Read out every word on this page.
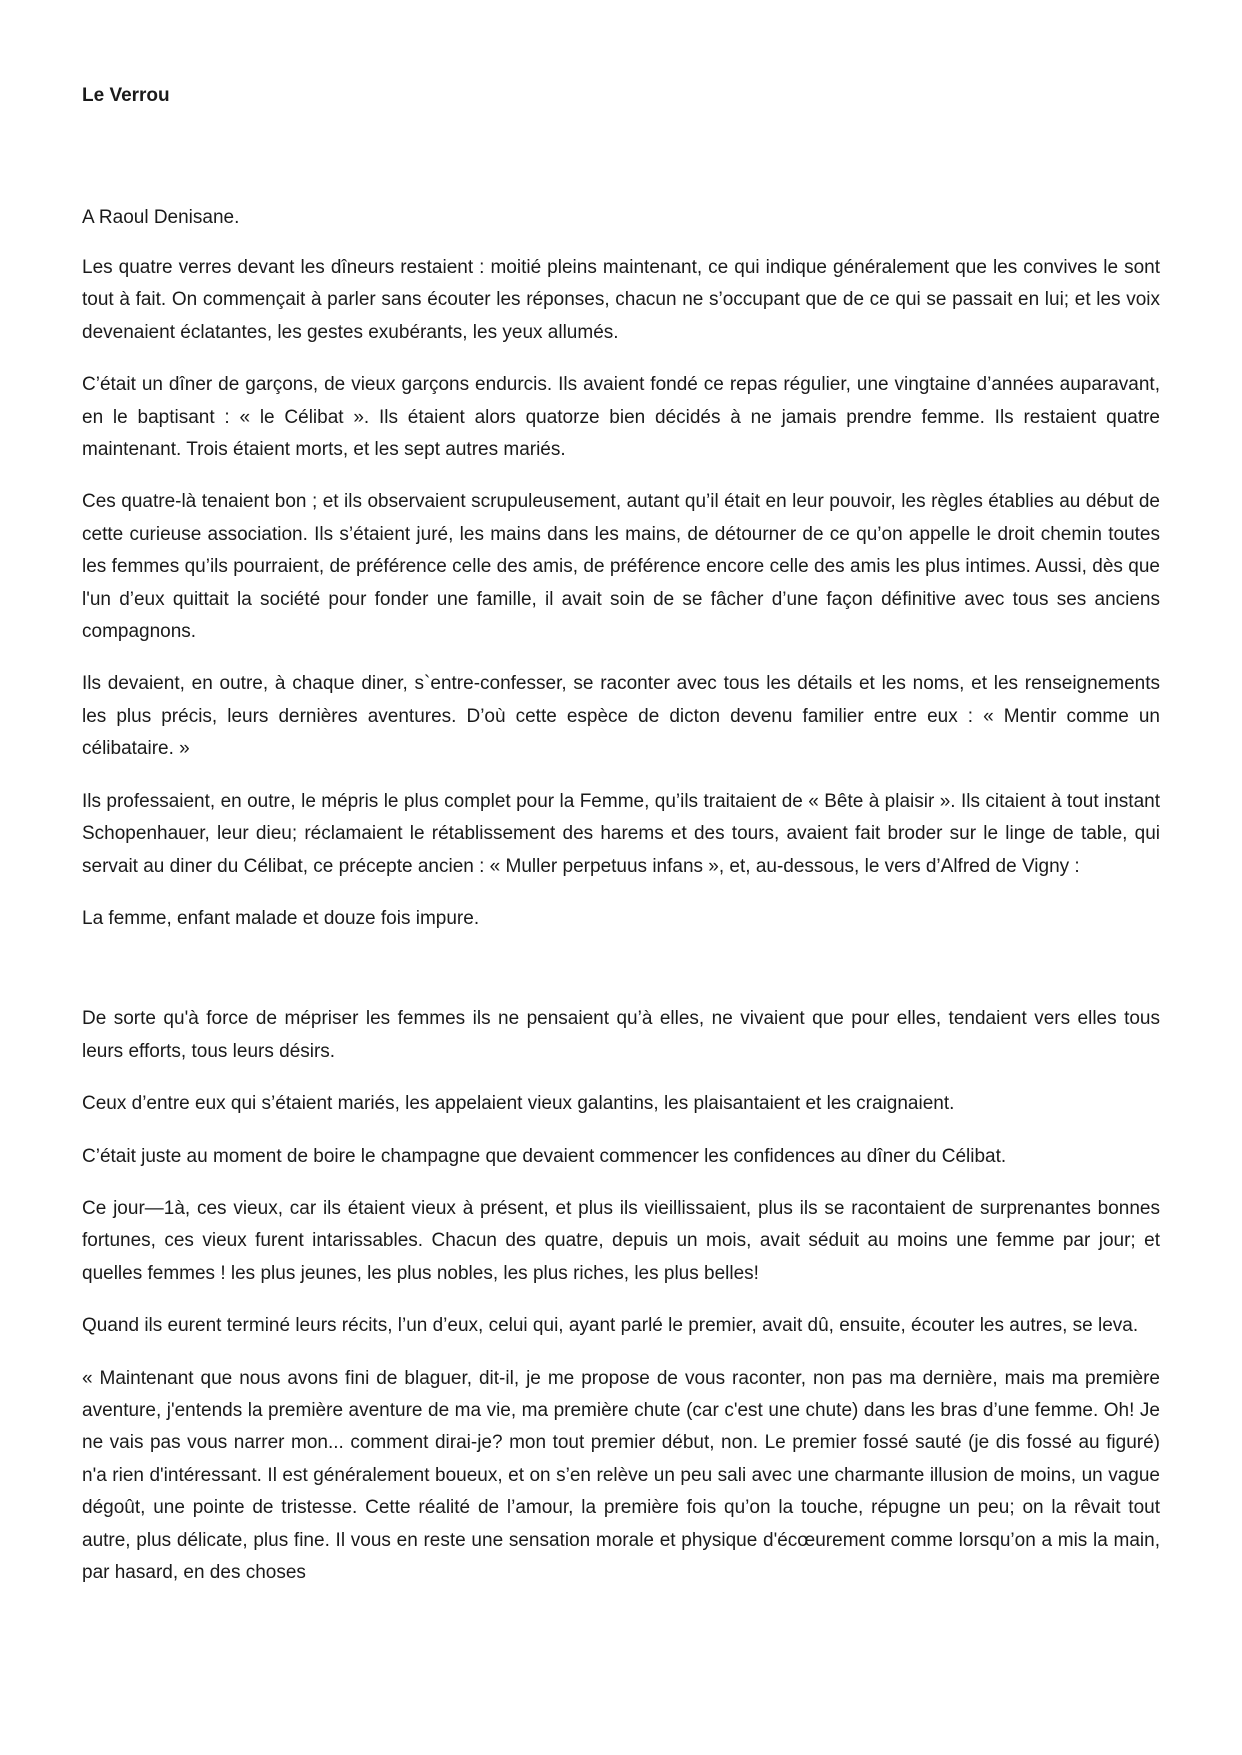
Le Verrou

A Raoul Denisane.

Les quatre verres devant les dîneurs restaient : moitié pleins maintenant, ce qui indique généralement que les convives le sont tout à fait. On commençait à parler sans écouter les réponses, chacun ne s’occupant que de ce qui se passait en lui; et les voix devenaient éclatantes, les gestes exubérants, les yeux allumés.

C’était un dîner de garçons, de vieux garçons endurcis. Ils avaient fondé ce repas régulier, une vingtaine d’années auparavant, en le baptisant : « le Célibat ». Ils étaient alors quatorze bien décidés à ne jamais prendre femme. Ils restaient quatre maintenant. Trois étaient morts, et les sept autres mariés.

Ces quatre-là tenaient bon ; et ils observaient scrupuleusement, autant qu’il était en leur pouvoir, les règles établies au début de cette curieuse association. Ils s’étaient juré, les mains dans les mains, de détourner de ce qu’on appelle le droit chemin toutes les femmes qu’ils pourraient, de préférence celle des amis, de préférence encore celle des amis les plus intimes. Aussi, dès que l'un d’eux quittait la société pour fonder une famille, il avait soin de se fâcher d’une façon définitive avec tous ses anciens compagnons.

Ils devaient, en outre, à chaque diner, s`entre-confesser, se raconter avec tous les détails et les noms, et les renseignements les plus précis, leurs dernières aventures. D’où cette espèce de dicton devenu familier entre eux : « Mentir comme un célibataire. »

Ils professaient, en outre, le mépris le plus complet pour la Femme, qu’ils traitaient de « Bête à plaisir ». Ils citaient à tout instant Schopenhauer, leur dieu; réclamaient le rétablissement des harems et des tours, avaient fait broder sur le linge de table, qui servait au diner du Célibat, ce précepte ancien : « Muller perpetuus infans », et, au-dessous, le vers d’Alfred de Vigny :

La femme, enfant malade et douze fois impure.

De sorte qu'à force de mépriser les femmes ils ne pensaient qu’à elles, ne vivaient que pour elles, tendaient vers elles tous leurs efforts, tous leurs désirs.

Ceux d’entre eux qui s’étaient mariés, les appelaient vieux galantins, les plaisantaient et les craignaient.

C’était juste au moment de boire le champagne que devaient commencer les confidences au dîner du Célibat.

Ce jour—1à, ces vieux, car ils étaient vieux à présent, et plus ils vieillissaient, plus ils se racontaient de surprenantes bonnes fortunes, ces vieux furent intarissables. Chacun des quatre, depuis un mois, avait séduit au moins une femme par jour; et quelles femmes ! les plus jeunes, les plus nobles, les plus riches, les plus belles!

Quand ils eurent terminé leurs récits, l’un d’eux, celui qui, ayant parlé le premier, avait dû, ensuite, écouter les autres, se leva.

« Maintenant que nous avons fini de blaguer, dit-il, je me propose de vous raconter, non pas ma dernière, mais ma première aventure, j'entends la première aventure de ma vie, ma première chute (car c'est une chute) dans les bras d’une femme. Oh! Je ne vais pas vous narrer mon... comment dirai-je? mon tout premier début, non. Le premier fossé sauté (je dis fossé au figuré) n'a rien d'intéressant. Il est généralement boueux, et on s’en relève un peu sali avec une charmante illusion de moins, un vague dégoût, une pointe de tristesse. Cette réalité de l’amour, la première fois qu’on la touche, répugne un peu; on la rêvait tout autre, plus délicate, plus fine. Il vous en reste une sensation morale et physique d'écœurement comme lorsqu’on a mis la main, par hasard, en des choses
